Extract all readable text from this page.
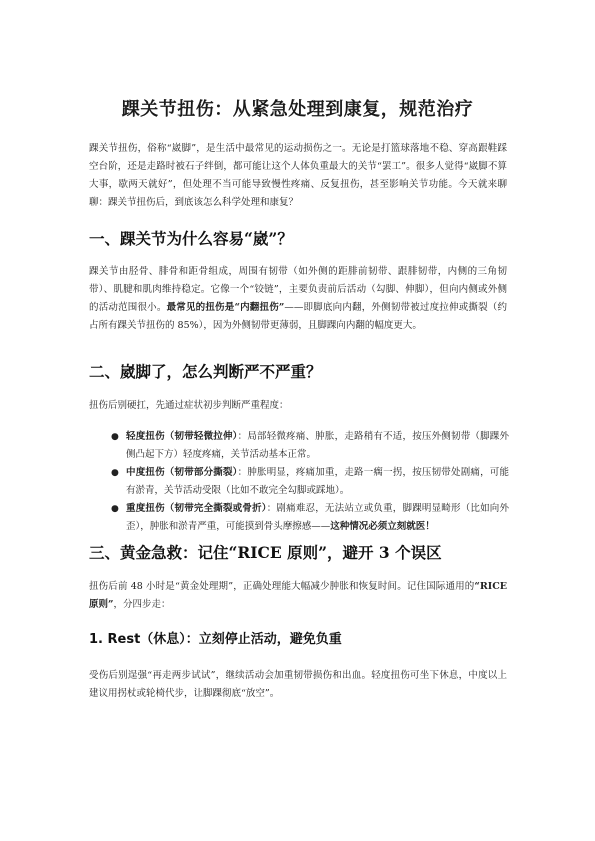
踝关节扭伤：从紧急处理到康复，规范治疗
踝关节扭伤，俗称“崴脚”，是生活中最常见的运动损伤之一。无论是打篮球落地不稳、穿高跟鞋踩空台阶，还是走路时被石子绊倒，都可能让这个人体负重最大的关节“罢工”。很多人觉得“崴脚不算大事，歇两天就好”，但处理不当可能导致慢性疼痛、反复扭伤，甚至影响关节功能。今天就来聊聊：踝关节扭伤后，到底该怎么科学处理和康复？
一、踝关节为什么容易“崴”？
踝关节由胫骨、腓骨和距骨组成，周围有韧带（如外侧的距腓前韧带、跟腓韧带，内侧的三角韧带）、肌腱和肌肉维持稳定。它像一个“铰链”，主要负责前后活动（勾脚、伸脚），但向内侧或外侧的活动范围很小。最常见的扭伤是“内翻扭伤”——即脚底向内翻，外侧韧带被过度拉伸或撕裂（约占所有踝关节扭伤的 85%），因为外侧韧带更薄弱，且脚踝向内翻的幅度更大。
二、崴脚了，怎么判断严不严重？
扭伤后别硬扛，先通过症状初步判断严重程度：
● 轻度扭伤（韧带轻微拉伸）：局部轻微疼痛、肿胀，走路稍有不适，按压外侧韧带（脚踝外侧凸起下方）轻度疼痛，关节活动基本正常。
● 中度扭伤（韧带部分撕裂）：肿胀明显，疼痛加重，走路一瘸一拐，按压韧带处剧痛，可能有淤青，关节活动受限（比如不敢完全勾脚或踩地）。
● 重度扭伤（韧带完全撕裂或骨折）：剧痛难忍，无法站立或负重，脚踝明显畸形（比如向外歪），肿胀和淤青严重，可能摸到骨头摩擦感——这种情况必须立刻就医！
三、黄金急救：记住“RICE 原则”，避开 3 个误区
扭伤后前 48 小时是“黄金处理期”，正确处理能大幅减少肿胀和恢复时间。记住国际通用的“RICE 原则”，分四步走：
1. Rest（休息）：立刻停止活动，避免负重
受伤后别逞强“再走两步试试”，继续活动会加重韧带损伤和出血。轻度扭伤可坐下休息，中度以上建议用拐杖或轮椅代步，让脚踝彻底“放空”。
